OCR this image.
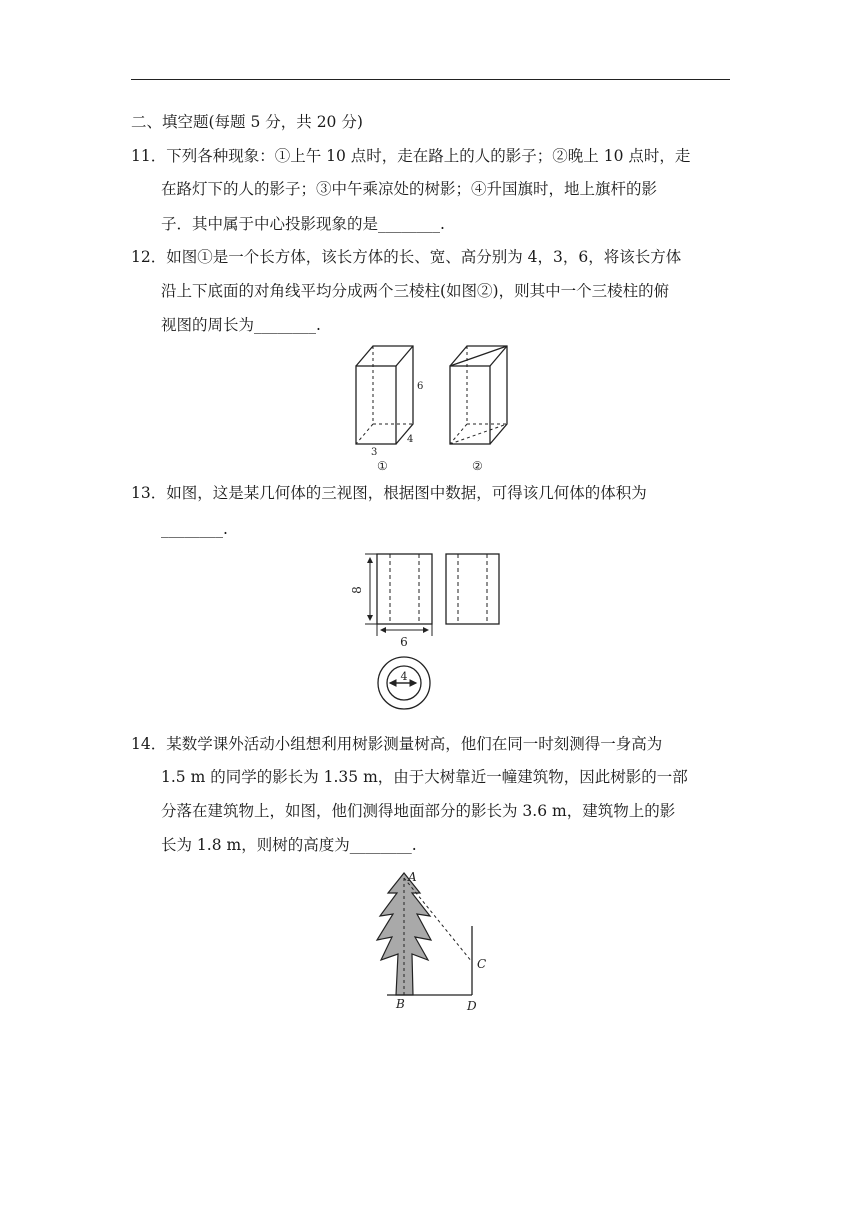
二、填空题(每题 5 分，共 20 分)
11．下列各种现象：①上午 10 点时，走在路上的人的影子；②晚上 10 点时，走
在路灯下的人的影子；③中午乘凉处的树影；④升国旗时，地上旗杆的影
子．其中属于中心投影现象的是________.
12．如图①是一个长方体，该长方体的长、宽、高分别为 4，3，6，将该长方体
沿上下底面的对角线平均分成两个三棱柱(如图②)，则其中一个三棱柱的俯
视图的周长为________.
6
3
4
①	②
13．如图，这是某几何体的三视图，根据图中数据，可得该几何体的体积为
________.
8
6
4
14．某数学课外活动小组想利用树影测量树高，他们在同一时刻测得一身高为
1.5 m 的同学的影长为 1.35 m，由于大树靠近一幢建筑物，因此树影的一部
分落在建筑物上，如图，他们测得地面部分的影长为 3.6 m，建筑物上的影
长为 1.8 m，则树的高度为________.
A
B
C
D
